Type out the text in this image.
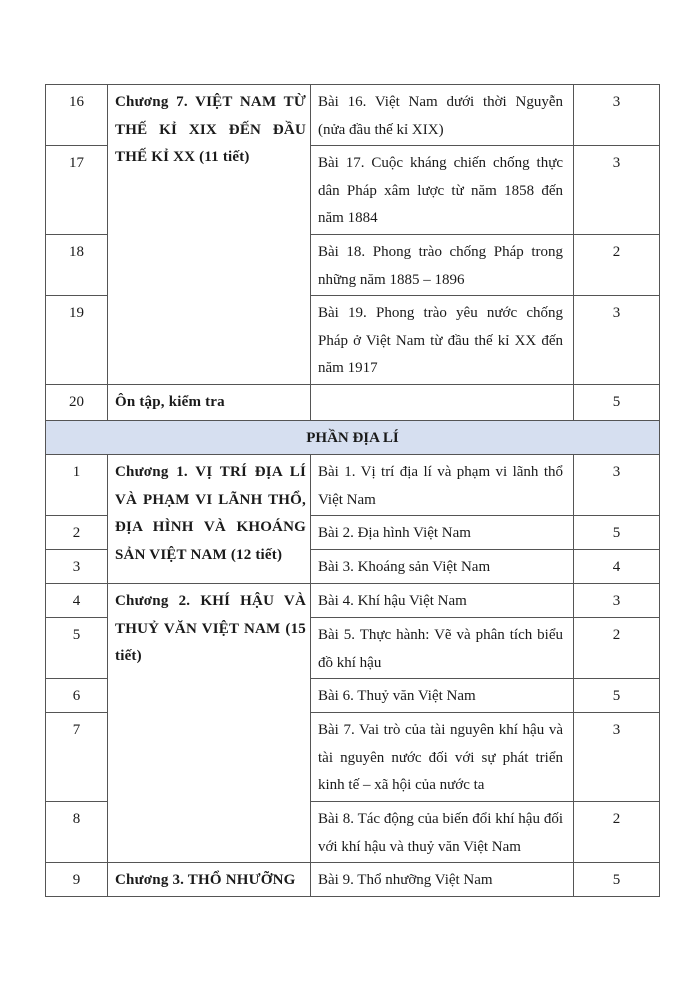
16	Chương 7. VIỆT NAM TỪ THẾ KỈ XIX ĐẾN ĐẦU THẾ KỈ XX (11 tiết)	Bài 16. Việt Nam dưới thời Nguyễn (nửa đầu thế kỉ XIX)	3
17		Bài 17. Cuộc kháng chiến chống thực dân Pháp xâm lược từ năm 1858 đến năm 1884	3
18		Bài 18. Phong trào chống Pháp trong những năm 1885 – 1896	2
19		Bài 19. Phong trào yêu nước chống Pháp ở Việt Nam từ đầu thế kỉ XX đến năm 1917	3
20	Ôn tập, kiểm tra		5
PHẦN ĐỊA LÍ			
1	Chương 1. VỊ TRÍ ĐỊA LÍ VÀ PHẠM VI LÃNH THỔ, ĐỊA HÌNH VÀ KHOÁNG SẢN VIỆT NAM (12 tiết)	Bài 1. Vị trí địa lí và phạm vi lãnh thổ Việt Nam	3
2		Bài 2. Địa hình Việt Nam	5
3		Bài 3. Khoáng sản Việt Nam	4
4	Chương 2. KHÍ HẬU VÀ THUỶ VĂN VIỆT NAM (15 tiết)	Bài 4. Khí hậu Việt Nam	3
5		Bài 5. Thực hành: Vẽ và phân tích biểu đồ khí hậu	2
6		Bài 6. Thuỷ văn Việt Nam	5
7		Bài 7. Vai trò của tài nguyên khí hậu và tài nguyên nước đối với sự phát triển kinh tế – xã hội của nước ta	3
8		Bài 8. Tác động của biến đổi khí hậu đối với khí hậu và thuỷ văn Việt Nam	2
9	Chương 3. THỔ NHƯỠNG	Bài 9. Thổ nhưỡng Việt Nam	5
